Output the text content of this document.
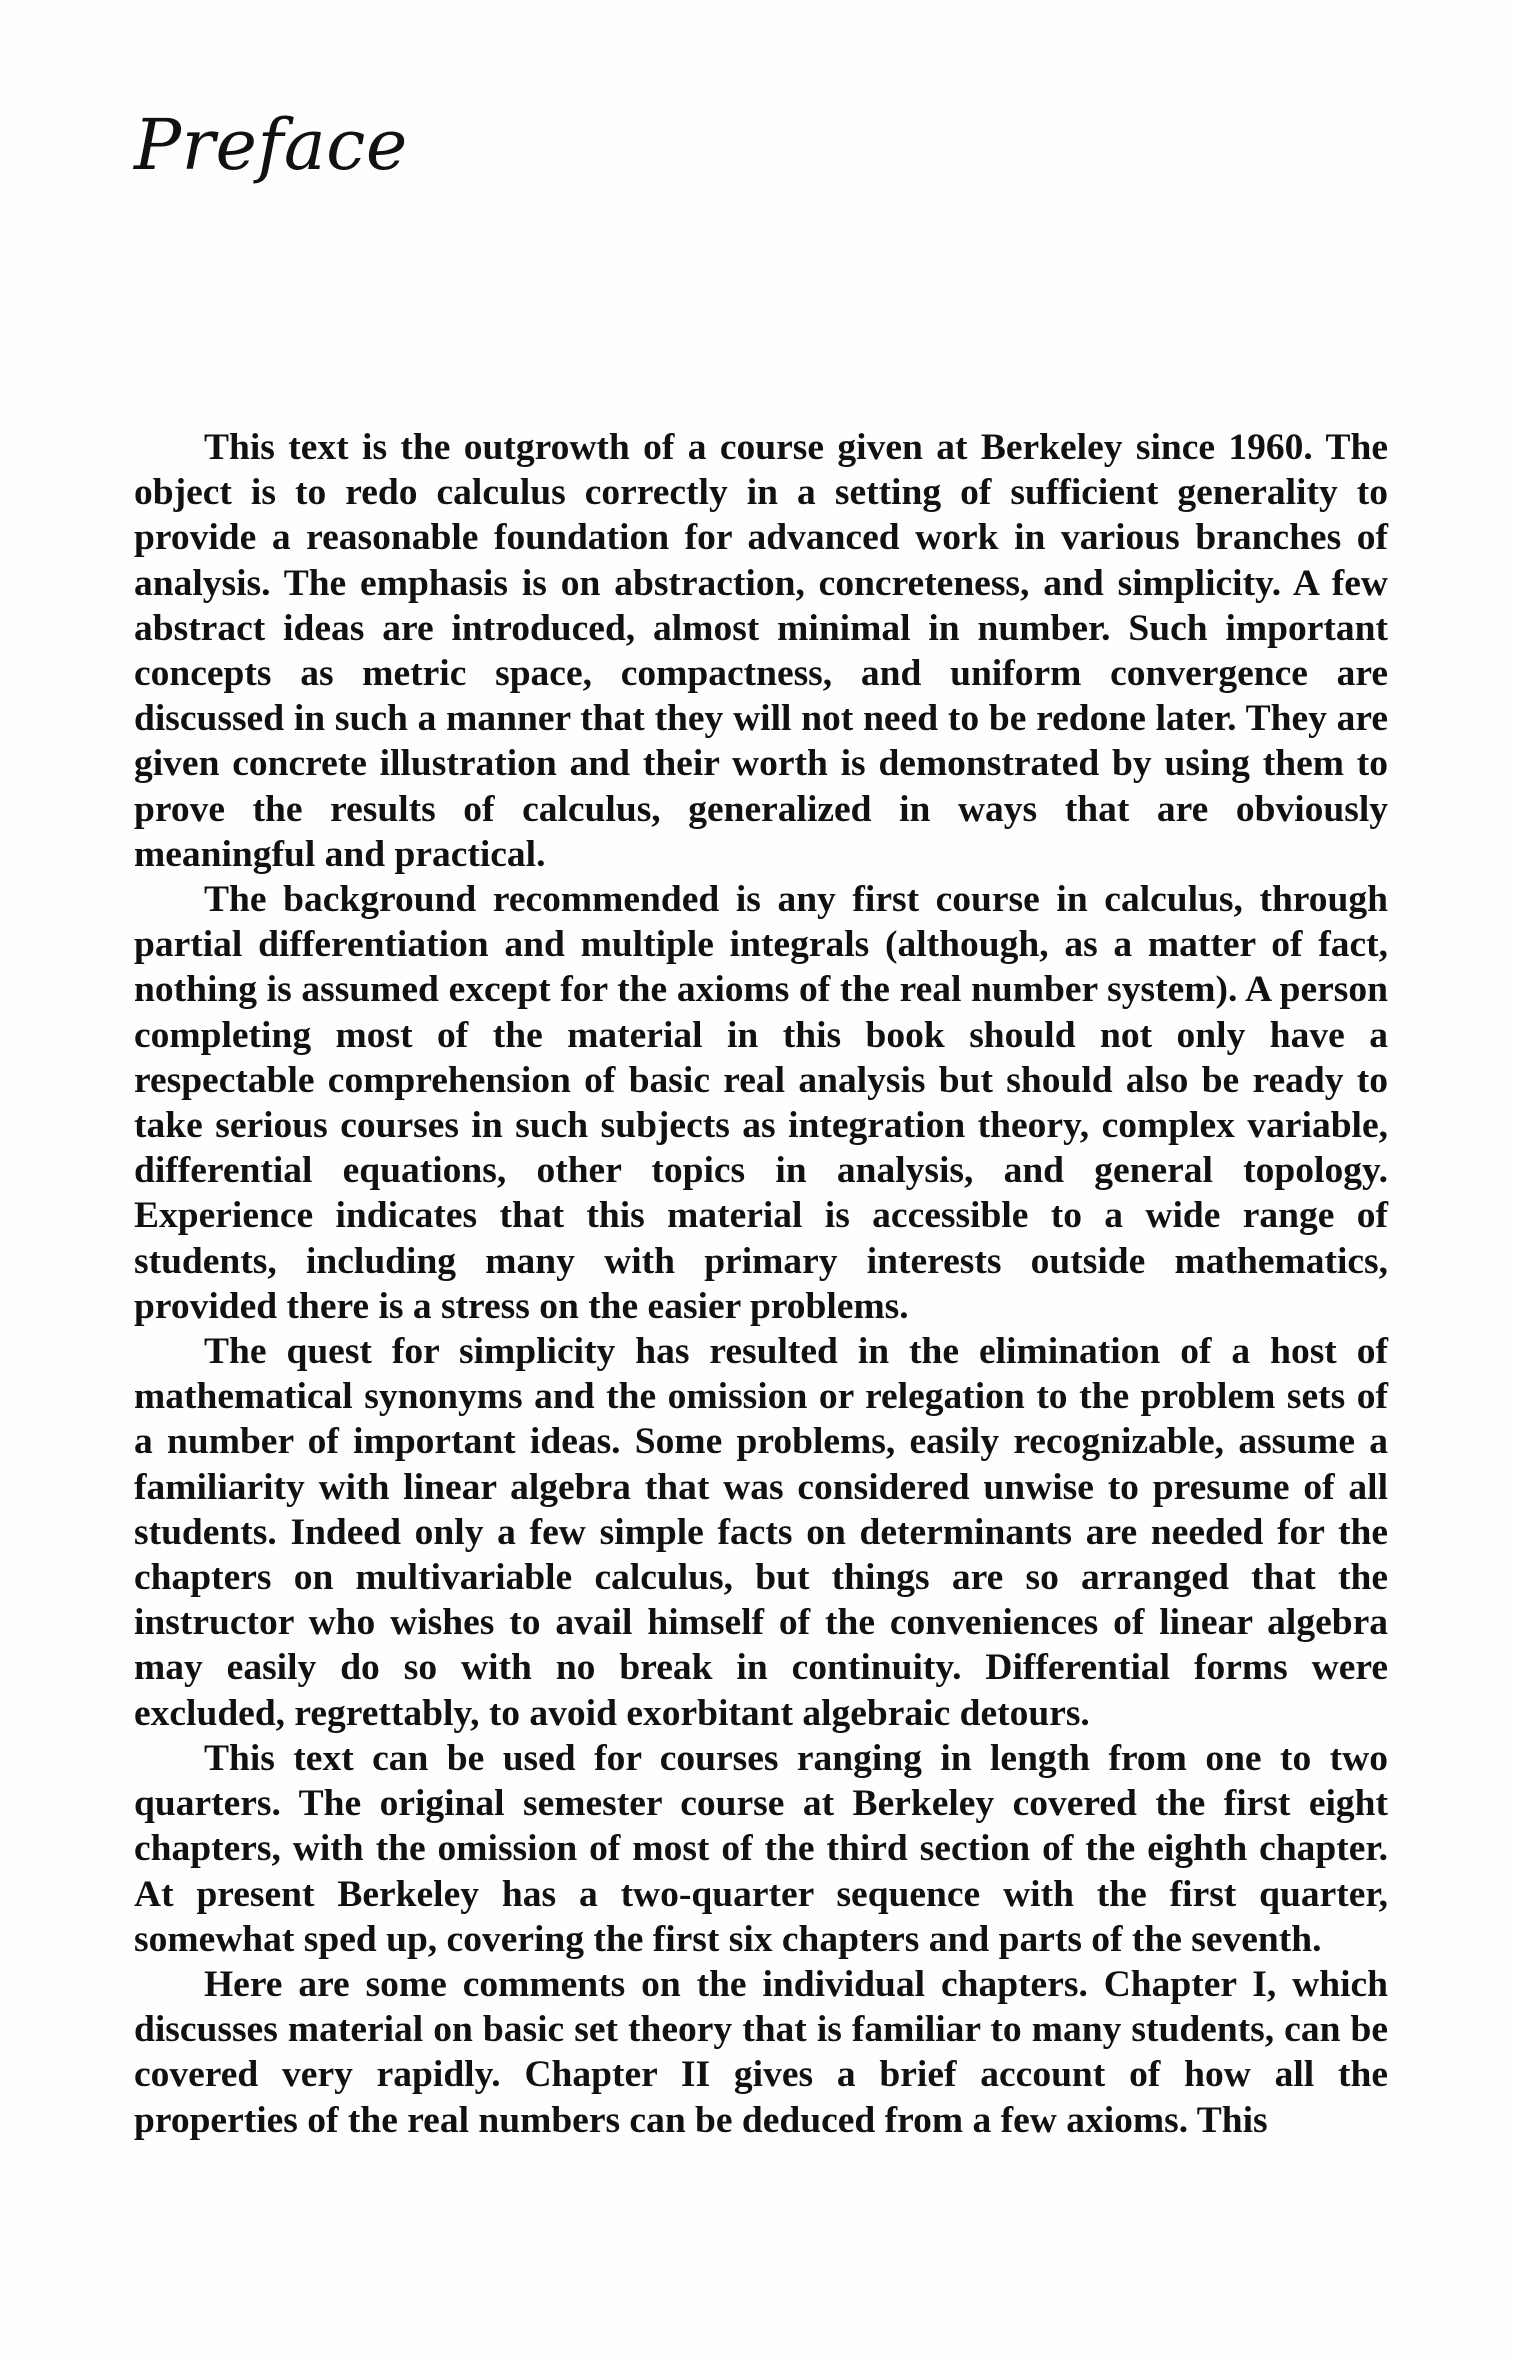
Preface

This text is the outgrowth of a course given at Berkeley since 1960. The object is to redo calculus correctly in a setting of sufficient generality to provide a reasonable foundation for advanced work in various branches of analysis. The emphasis is on abstraction, concreteness, and simplicity. A few abstract ideas are introduced, almost minimal in number. Such important concepts as metric space, compactness, and uniform convergence are discussed in such a manner that they will not need to be redone later. They are given concrete illustration and their worth is demonstrated by using them to prove the results of calculus, generalized in ways that are obviously meaningful and practical.

The background recommended is any first course in calculus, through partial differentiation and multiple integrals (although, as a matter of fact, nothing is assumed except for the axioms of the real number system). A person completing most of the material in this book should not only have a respectable comprehension of basic real analysis but should also be ready to take serious courses in such subjects as integration theory, complex variable, differential equations, other topics in analysis, and general topology. Experience indicates that this material is accessible to a wide range of students, including many with primary interests outside mathematics, provided there is a stress on the easier problems.

The quest for simplicity has resulted in the elimination of a host of mathematical synonyms and the omission or relegation to the problem sets of a number of important ideas. Some problems, easily recognizable, assume a familiarity with linear algebra that was considered unwise to presume of all students. Indeed only a few simple facts on determinants are needed for the chapters on multivariable calculus, but things are so arranged that the instructor who wishes to avail himself of the conveniences of linear algebra may easily do so with no break in continuity. Differential forms were excluded, regrettably, to avoid exorbitant algebraic detours.

This text can be used for courses ranging in length from one to two quarters. The original semester course at Berkeley covered the first eight chapters, with the omission of most of the third section of the eighth chapter. At present Berkeley has a two-quarter sequence with the first quarter, somewhat sped up, covering the first six chapters and parts of the seventh.

Here are some comments on the individual chapters. Chapter I, which discusses material on basic set theory that is familiar to many students, can be covered very rapidly. Chapter II gives a brief account of how all the properties of the real numbers can be deduced from a few axioms. This
